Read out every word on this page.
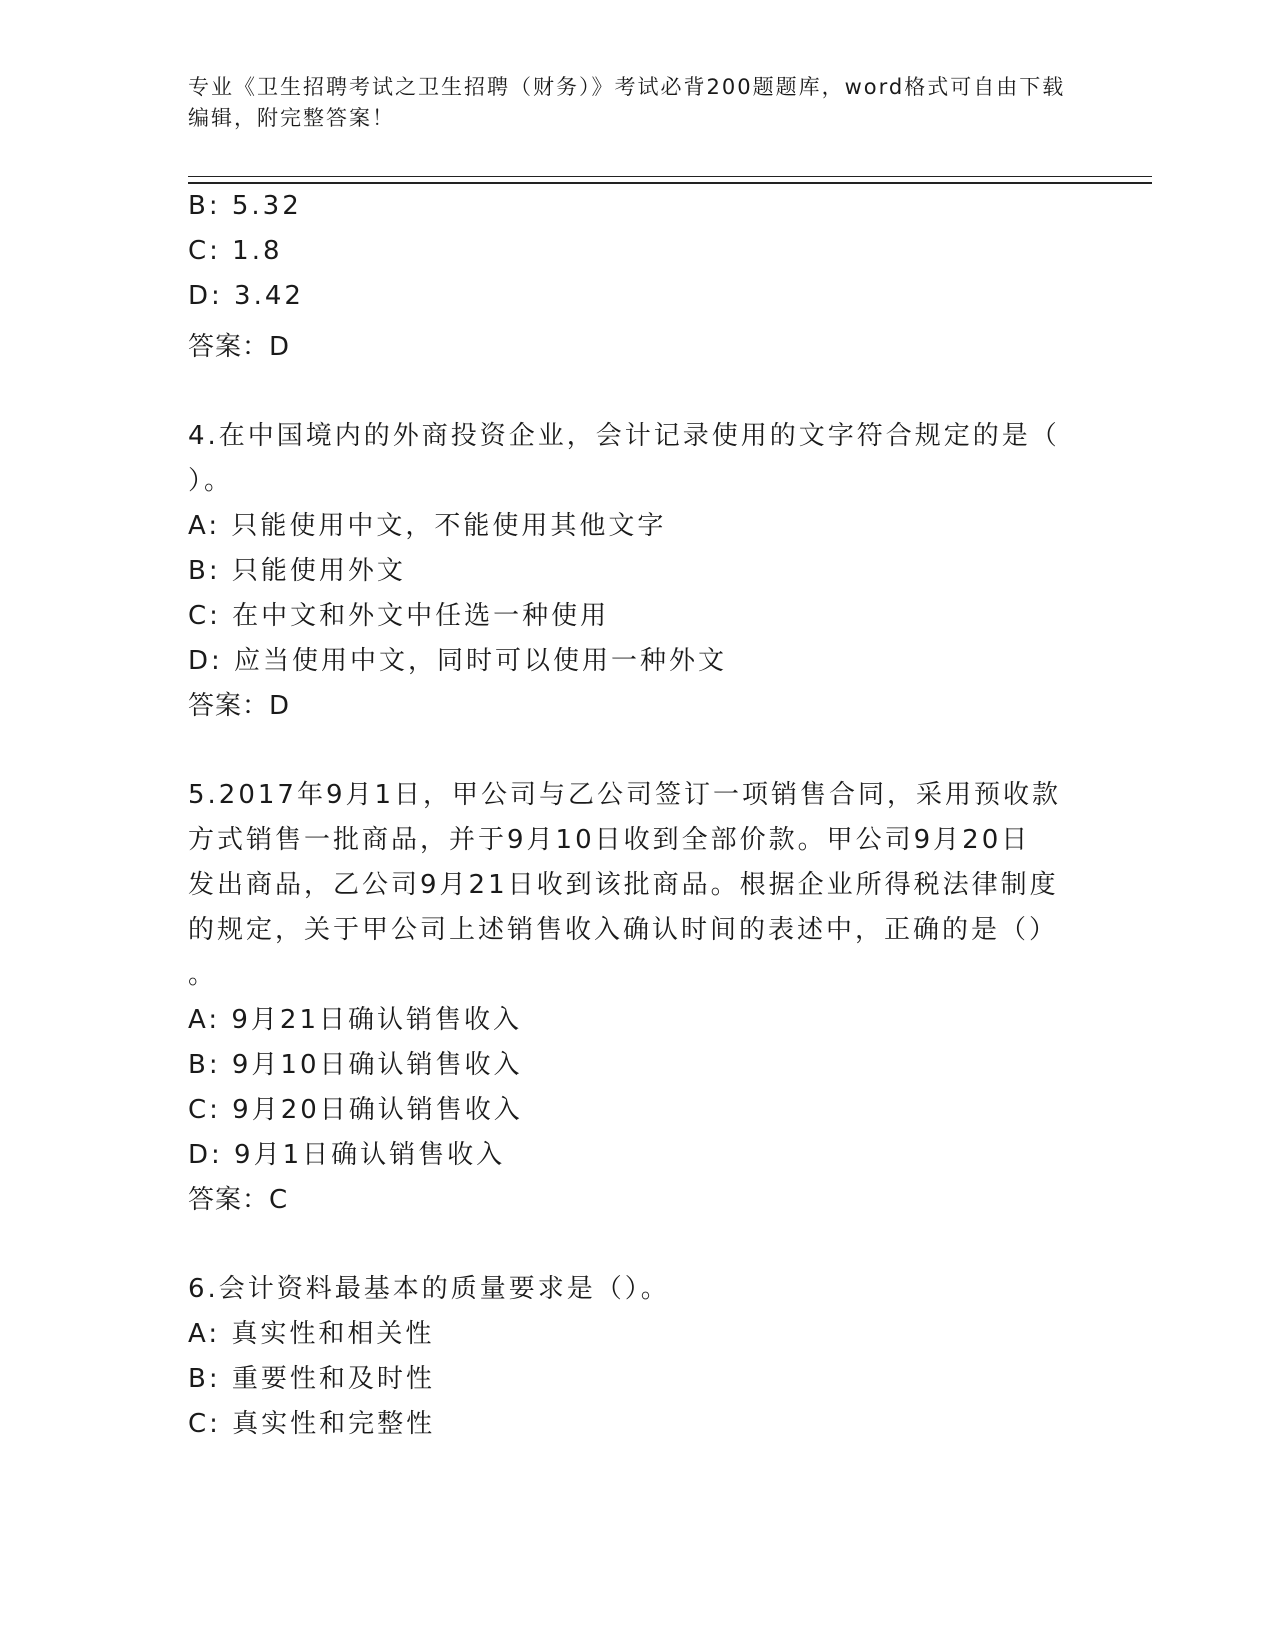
专业《卫生招聘考试之卫生招聘（财务）》考试必背200题题库，word格式可自由下载编辑，附完整答案！
B: 5.32
C: 1.8
D: 3.42
答案：D
4.在中国境内的外商投资企业，会计记录使用的文字符合规定的是（
）。
A: 只能使用中文，不能使用其他文字
B: 只能使用外文
C: 在中文和外文中任选一种使用
D: 应当使用中文，同时可以使用一种外文
答案：D
5.2017年9月1日，甲公司与乙公司签订一项销售合同，采用预收款
方式销售一批商品，并于9月10日收到全部价款。甲公司9月20日
发出商品，乙公司9月21日收到该批商品。根据企业所得税法律制度
的规定，关于甲公司上述销售收入确认时间的表述中，正确的是（）
。
A: 9月21日确认销售收入
B: 9月10日确认销售收入
C: 9月20日确认销售收入
D: 9月1日确认销售收入
答案：C
6.会计资料最基本的质量要求是（）。
A: 真实性和相关性
B: 重要性和及时性
C: 真实性和完整性
